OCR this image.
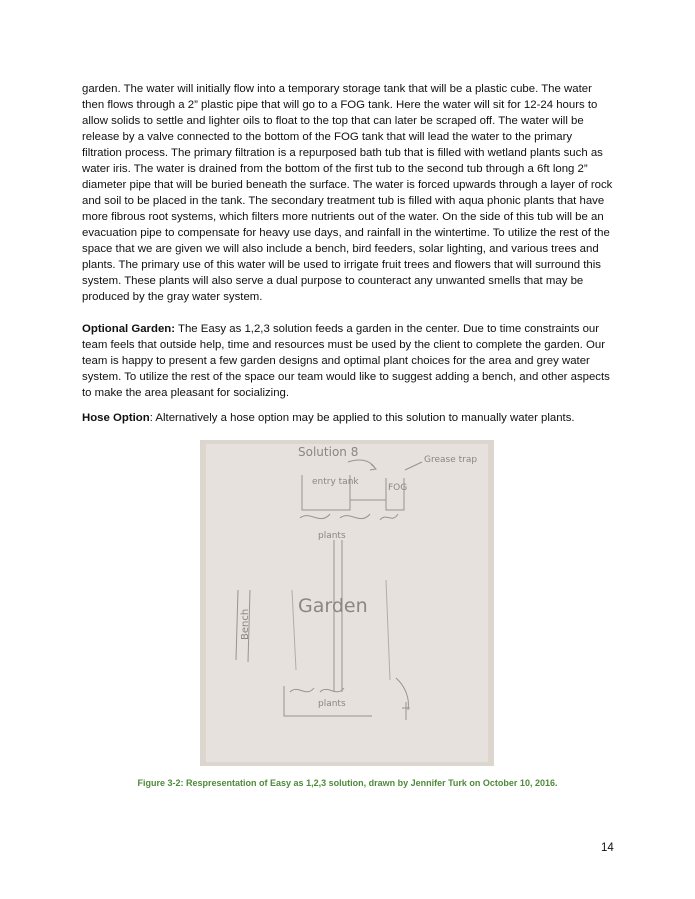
garden. The water will initially flow into a temporary storage tank that will be a plastic cube. The water then flows through a 2” plastic pipe that will go to a FOG tank. Here the water will sit for 12-24 hours to allow solids to settle and lighter oils to float to the top that can later be scraped off. The water will be release by a valve connected to the bottom of the FOG tank that will lead the water to the primary filtration process. The primary filtration is a repurposed bath tub that is filled with wetland plants such as water iris. The water is drained from the bottom of the first tub to the second tub through a 6ft long 2” diameter pipe that will be buried beneath the surface. The water is forced upwards through a layer of rock and soil to be placed in the tank. The secondary treatment tub is filled with aqua phonic plants that have more fibrous root systems, which filters more nutrients out of the water. On the side of this tub will be an evacuation pipe to compensate for heavy use days, and rainfall in the wintertime. To utilize the rest of the space that we are given we will also include a bench, bird feeders, solar lighting, and various trees and plants. The primary use of this water will be used to irrigate fruit trees and flowers that will surround this system. These plants will also serve a dual purpose to counteract any unwanted smells that may be produced by the gray water system.

Optional Garden: The Easy as 1,2,3 solution feeds a garden in the center. Due to time constraints our team feels that outside help, time and resources must be used by the client to complete the garden. Our team is happy to present a few garden designs and optimal plant choices for the area and grey water system. To utilize the rest of the space our team would like to suggest adding a bench, and other aspects to make the area pleasant for socializing.

Hose Option: Alternatively a hose option may be applied to this solution to manually water plants.

Solution 8
entry tank
FOG
Grease trap
plants
Garden
Bench
plants
Figure 3-2: Respresentation of Easy as 1,2,3 solution, drawn by Jennifer Turk on October 10, 2016.
14
